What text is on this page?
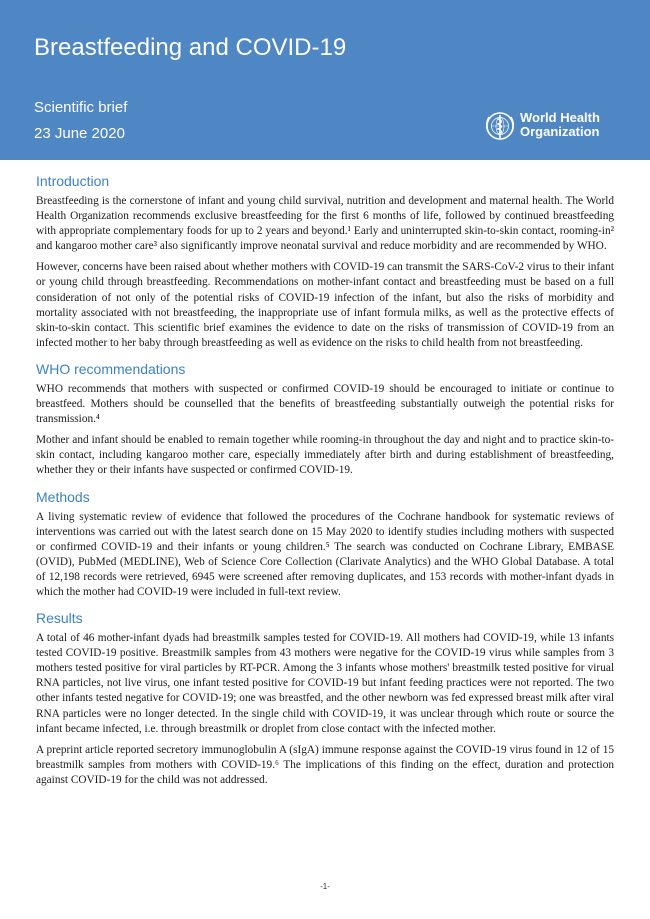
Breastfeeding and COVID-19
Scientific brief
23 June 2020
World Health
Organization
Introduction

Breastfeeding is the cornerstone of infant and young child survival, nutrition and development and maternal health. The World Health Organization recommends exclusive breastfeeding for the first 6 months of life, followed by continued breastfeeding with appropriate complementary foods for up to 2 years and beyond.¹ Early and uninterrupted skin-to-skin contact, rooming-in² and kangaroo mother care³ also significantly improve neonatal survival and reduce morbidity and are recommended by WHO.

However, concerns have been raised about whether mothers with COVID-19 can transmit the SARS-CoV-2 virus to their infant or young child through breastfeeding. Recommendations on mother-infant contact and breastfeeding must be based on a full consideration of not only of the potential risks of COVID-19 infection of the infant, but also the risks of morbidity and mortality associated with not breastfeeding, the inappropriate use of infant formula milks, as well as the protective effects of skin-to-skin contact. This scientific brief examines the evidence to date on the risks of transmission of COVID-19 from an infected mother to her baby through breastfeeding as well as evidence on the risks to child health from not breastfeeding.

WHO recommendations

WHO recommends that mothers with suspected or confirmed COVID-19 should be encouraged to initiate or continue to breastfeed. Mothers should be counselled that the benefits of breastfeeding substantially outweigh the potential risks for transmission.⁴

Mother and infant should be enabled to remain together while rooming-in throughout the day and night and to practice skin-to-skin contact, including kangaroo mother care, especially immediately after birth and during establishment of breastfeeding, whether they or their infants have suspected or confirmed COVID-19.

Methods

A living systematic review of evidence that followed the procedures of the Cochrane handbook for systematic reviews of interventions was carried out with the latest search done on 15 May 2020 to identify studies including mothers with suspected or confirmed COVID-19 and their infants or young children.⁵ The search was conducted on Cochrane Library, EMBASE (OVID), PubMed (MEDLINE), Web of Science Core Collection (Clarivate Analytics) and the WHO Global Database. A total of 12,198 records were retrieved, 6945 were screened after removing duplicates, and 153 records with mother-infant dyads in which the mother had COVID-19 were included in full-text review.

Results

A total of 46 mother-infant dyads had breastmilk samples tested for COVID-19. All mothers had COVID-19, while 13 infants tested COVID-19 positive. Breastmilk samples from 43 mothers were negative for the COVID-19 virus while samples from 3 mothers tested positive for viral particles by RT-PCR. Among the 3 infants whose mothers' breastmilk tested positive for virual RNA particles, not live virus, one infant tested positive for COVID-19 but infant feeding practices were not reported. The two other infants tested negative for COVID-19; one was breastfed, and the other newborn was fed expressed breast milk after viral RNA particles were no longer detected. In the single child with COVID-19, it was unclear through which route or source the infant became infected, i.e. through breastmilk or droplet from close contact with the infected mother.

A preprint article reported secretory immunoglobulin A (sIgA) immune response against the COVID-19 virus found in 12 of 15 breastmilk samples from mothers with COVID-19.⁶ The implications of this finding on the effect, duration and protection against COVID-19 for the child was not addressed.

-1-
